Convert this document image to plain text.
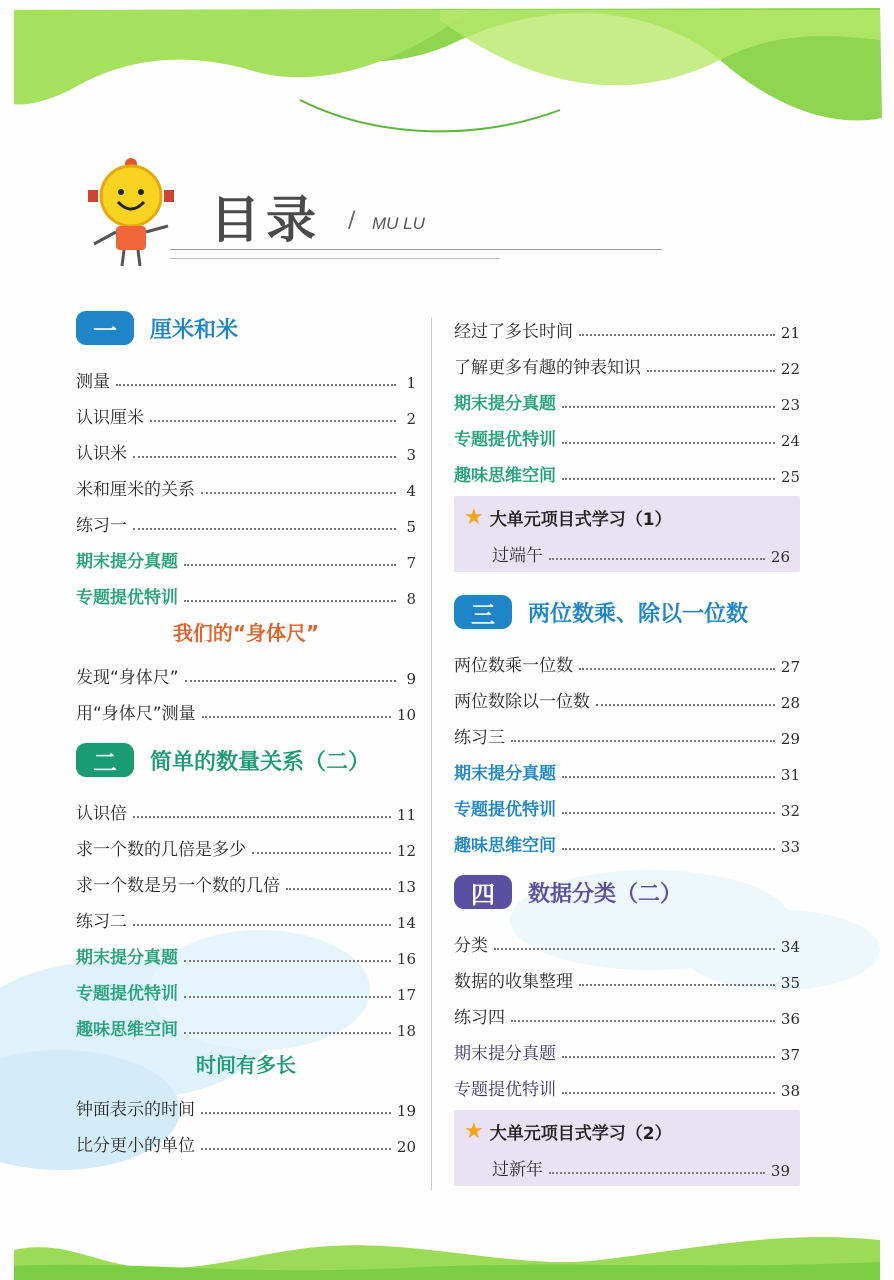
目录 / MU LU
一	厘米和米
测量	1
认识厘米	2
认识米	3
米和厘米的关系	4
练习一	5
期末提分真题	7
专题提优特训	8
我们的“身体尺”
发现“身体尺”	9
用“身体尺”测量	10
二	简单的数量关系（二）
认识倍	11
求一个数的几倍是多少	12
求一个数是另一个数的几倍	13
练习二	14
期末提分真题	16
专题提优特训	17
趣味思维空间	18
时间有多长
钟面表示的时间	19
比分更小的单位	20
经过了多长时间	21
了解更多有趣的钟表知识	22
期末提分真题	23
专题提优特训	24
趣味思维空间	25
★ 大单元项目式学习（1）
过端午	26
三	两位数乘、除以一位数
两位数乘一位数	27
两位数除以一位数	28
练习三	29
期末提分真题	31
专题提优特训	32
趣味思维空间	33
四	数据分类（二）
分类	34
数据的收集整理	35
练习四	36
期末提分真题	37
专题提优特训	38
★ 大单元项目式学习（2）
过新年	39
